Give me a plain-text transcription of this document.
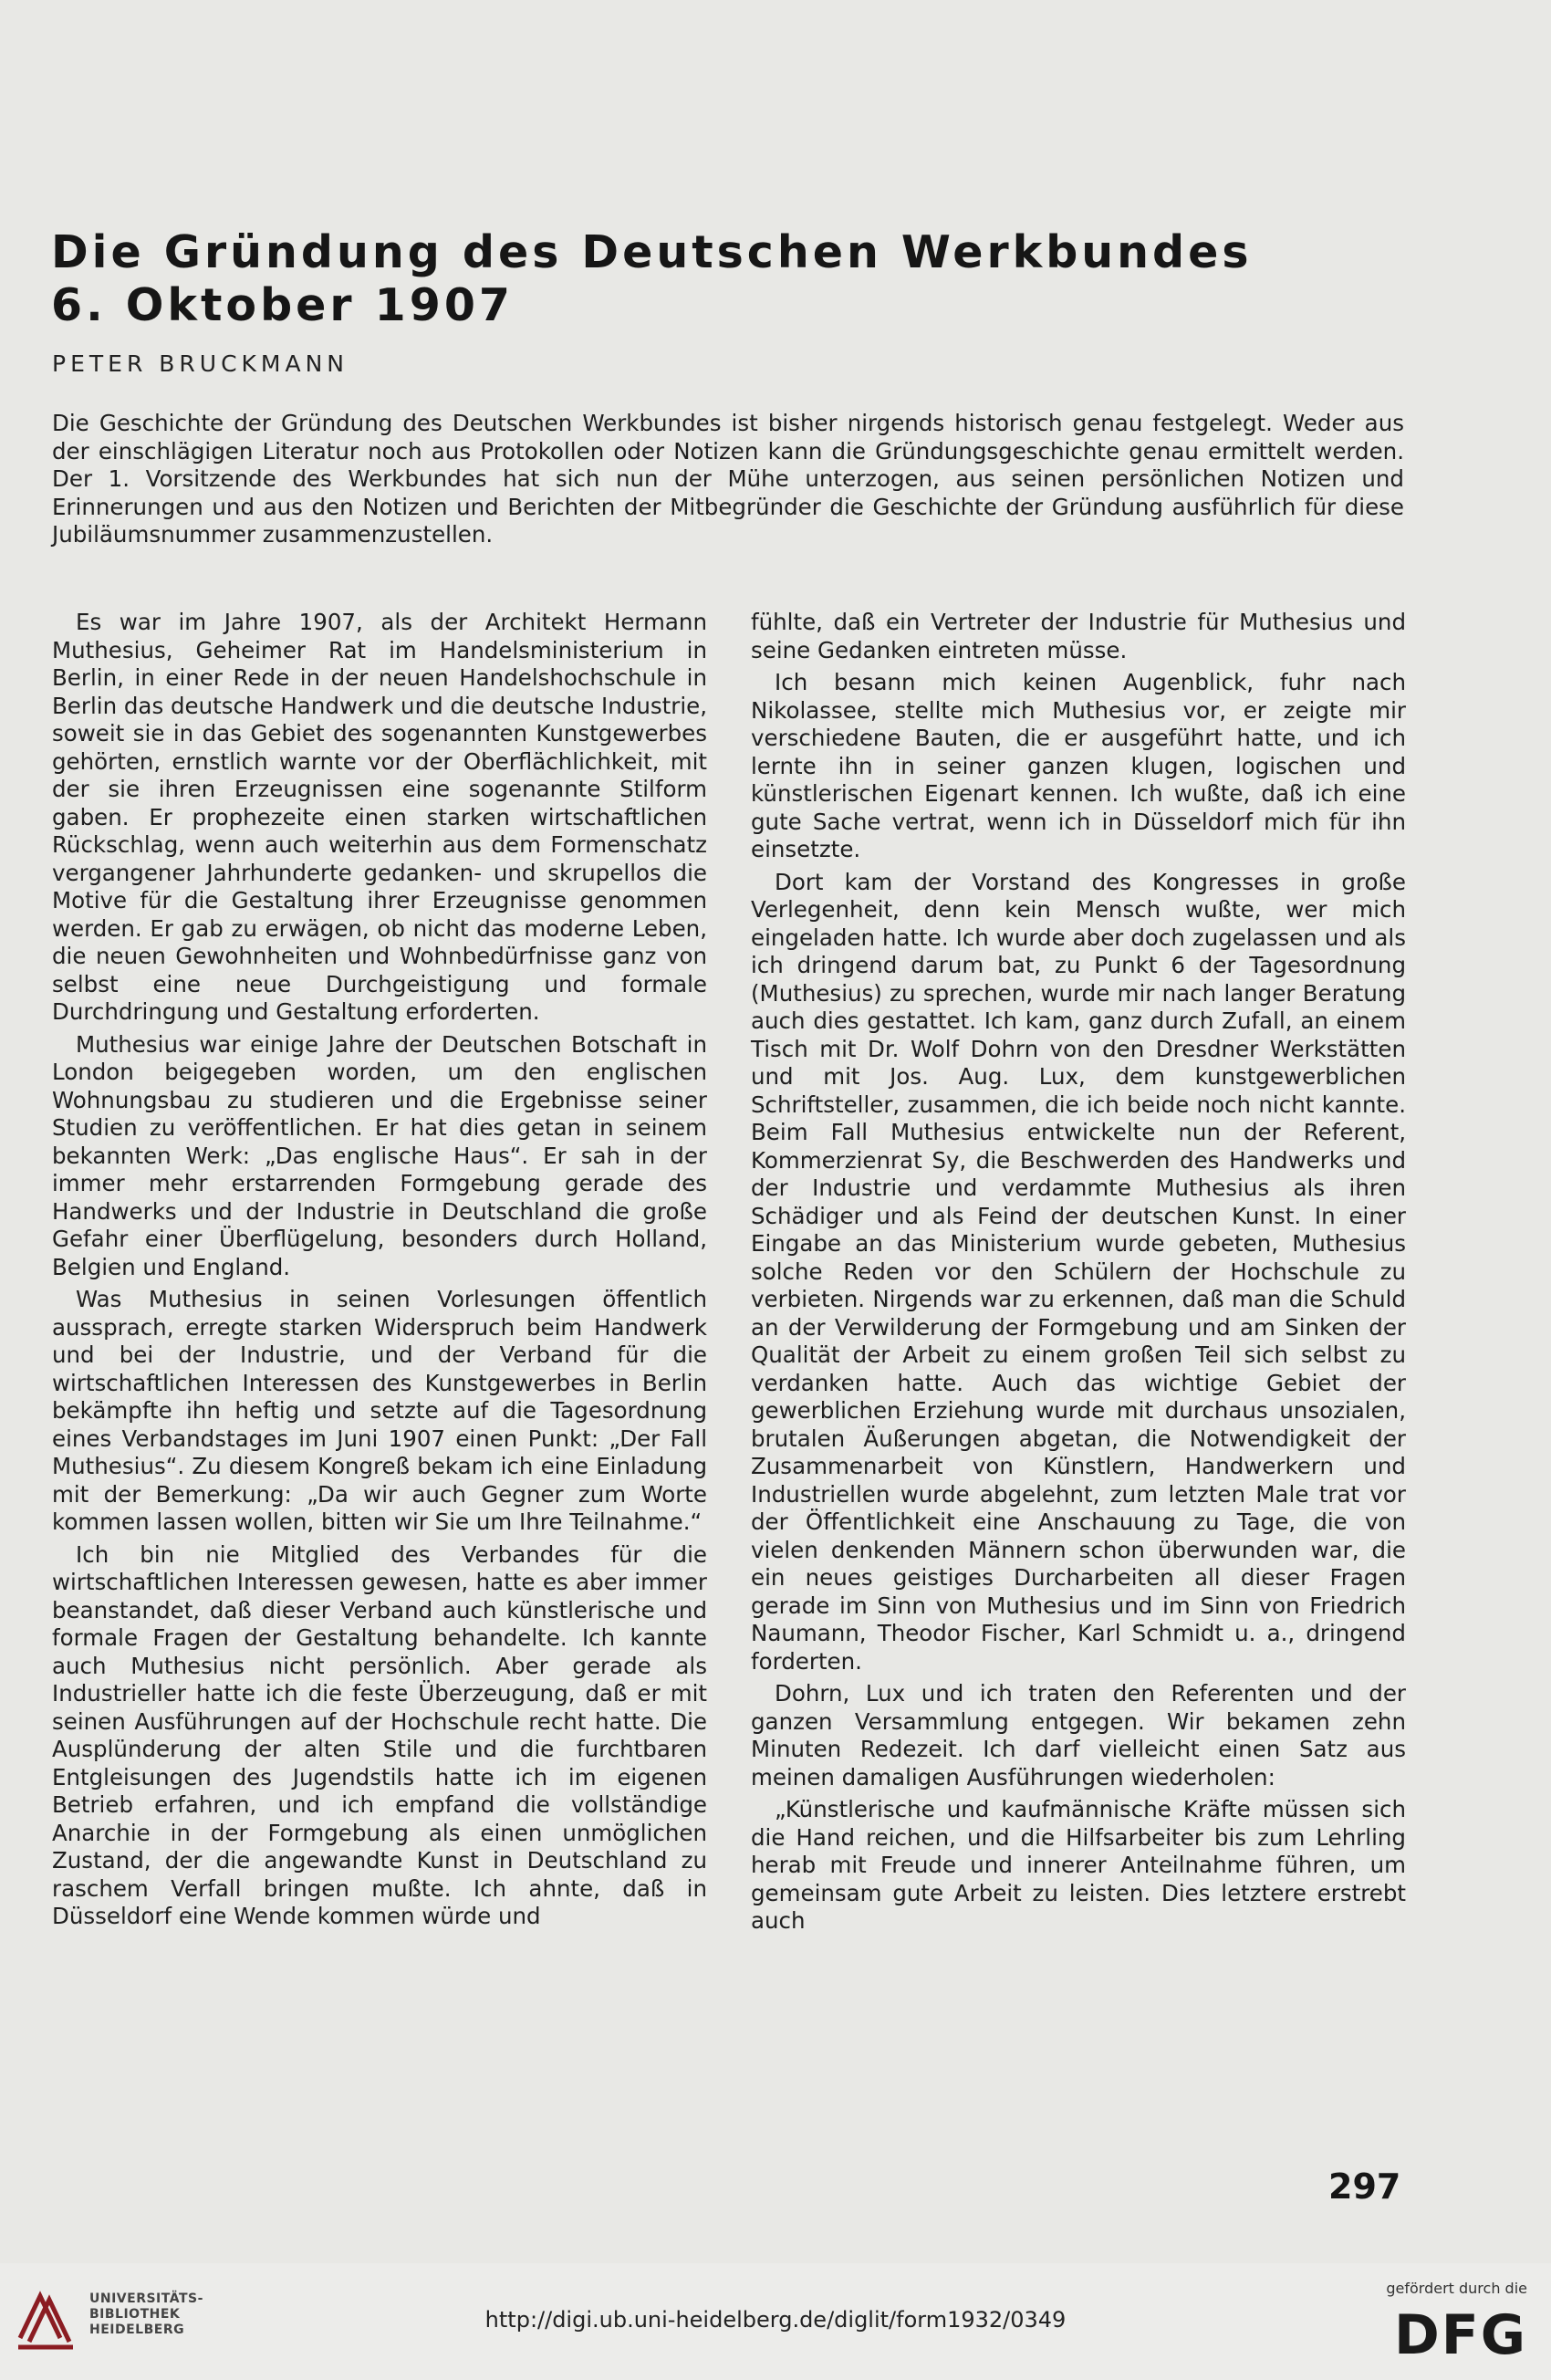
Die Gründung des Deutschen Werkbundes
6. Oktober 1907
PETER BRUCKMANN

Die Geschichte der Gründung des Deutschen Werkbundes ist bisher nirgends historisch genau festgelegt. Weder aus der einschlägigen Literatur noch aus Protokollen oder Notizen kann die Gründungsgeschichte genau ermittelt werden. Der 1. Vorsitzende des Werkbundes hat sich nun der Mühe unterzogen, aus seinen persönlichen Notizen und Erinnerungen und aus den Notizen und Berichten der Mitbegründer die Geschichte der Gründung ausführlich für diese Jubiläumsnummer zusammenzustellen.

Es war im Jahre 1907, als der Architekt Hermann Muthesius, Geheimer Rat im Handelsministerium in Berlin, in einer Rede in der neuen Handelshochschule in Berlin das deutsche Handwerk und die deutsche Industrie, soweit sie in das Gebiet des sogenannten Kunstgewerbes gehörten, ernstlich warnte vor der Oberflächlichkeit, mit der sie ihren Erzeugnissen eine sogenannte Stilform gaben. Er prophezeite einen starken wirtschaftlichen Rückschlag, wenn auch weiterhin aus dem Formenschatz vergangener Jahrhunderte gedanken- und skrupellos die Motive für die Gestaltung ihrer Erzeugnisse genommen werden. Er gab zu erwägen, ob nicht das moderne Leben, die neuen Gewohnheiten und Wohnbedürfnisse ganz von selbst eine neue Durchgeistigung und formale Durchdringung und Gestaltung erforderten.

Muthesius war einige Jahre der Deutschen Botschaft in London beigegeben worden, um den englischen Wohnungsbau zu studieren und die Ergebnisse seiner Studien zu veröffentlichen. Er hat dies getan in seinem bekannten Werk: „Das englische Haus“. Er sah in der immer mehr erstarrenden Formgebung gerade des Handwerks und der Industrie in Deutschland die große Gefahr einer Überflügelung, besonders durch Holland, Belgien und England.

Was Muthesius in seinen Vorlesungen öffentlich aussprach, erregte starken Widerspruch beim Handwerk und bei der Industrie, und der Verband für die wirtschaftlichen Interessen des Kunstgewerbes in Berlin bekämpfte ihn heftig und setzte auf die Tagesordnung eines Verbandstages im Juni 1907 einen Punkt: „Der Fall Muthesius“. Zu diesem Kongreß bekam ich eine Einladung mit der Bemerkung: „Da wir auch Gegner zum Worte kommen lassen wollen, bitten wir Sie um Ihre Teilnahme.“

Ich bin nie Mitglied des Verbandes für die wirtschaftlichen Interessen gewesen, hatte es aber immer beanstandet, daß dieser Verband auch künstlerische und formale Fragen der Gestaltung behandelte. Ich kannte auch Muthesius nicht persönlich. Aber gerade als Industrieller hatte ich die feste Überzeugung, daß er mit seinen Ausführungen auf der Hochschule recht hatte. Die Ausplünderung der alten Stile und die furchtbaren Entgleisungen des Jugendstils hatte ich im eigenen Betrieb erfahren, und ich empfand die vollständige Anarchie in der Formgebung als einen unmöglichen Zustand, der die angewandte Kunst in Deutschland zu raschem Verfall bringen mußte. Ich ahnte, daß in Düsseldorf eine Wende kommen würde und

fühlte, daß ein Vertreter der Industrie für Muthesius und seine Gedanken eintreten müsse.

Ich besann mich keinen Augenblick, fuhr nach Nikolassee, stellte mich Muthesius vor, er zeigte mir verschiedene Bauten, die er ausgeführt hatte, und ich lernte ihn in seiner ganzen klugen, logischen und künstlerischen Eigenart kennen. Ich wußte, daß ich eine gute Sache vertrat, wenn ich in Düsseldorf mich für ihn einsetzte.

Dort kam der Vorstand des Kongresses in große Verlegenheit, denn kein Mensch wußte, wer mich eingeladen hatte. Ich wurde aber doch zugelassen und als ich dringend darum bat, zu Punkt 6 der Tagesordnung (Muthesius) zu sprechen, wurde mir nach langer Beratung auch dies gestattet. Ich kam, ganz durch Zufall, an einem Tisch mit Dr. Wolf Dohrn von den Dresdner Werkstätten und mit Jos. Aug. Lux, dem kunstgewerblichen Schriftsteller, zusammen, die ich beide noch nicht kannte. Beim Fall Muthesius entwickelte nun der Referent, Kommerzienrat Sy, die Beschwerden des Handwerks und der Industrie und verdammte Muthesius als ihren Schädiger und als Feind der deutschen Kunst. In einer Eingabe an das Ministerium wurde gebeten, Muthesius solche Reden vor den Schülern der Hochschule zu verbieten. Nirgends war zu erkennen, daß man die Schuld an der Verwilderung der Formgebung und am Sinken der Qualität der Arbeit zu einem großen Teil sich selbst zu verdanken hatte. Auch das wichtige Gebiet der gewerblichen Erziehung wurde mit durchaus unsozialen, brutalen Äußerungen abgetan, die Notwendigkeit der Zusammenarbeit von Künstlern, Handwerkern und Industriellen wurde abgelehnt, zum letzten Male trat vor der Öffentlichkeit eine Anschauung zu Tage, die von vielen denkenden Männern schon überwunden war, die ein neues geistiges Durcharbeiten all dieser Fragen gerade im Sinn von Muthesius und im Sinn von Friedrich Naumann, Theodor Fischer, Karl Schmidt u. a., dringend forderten.

Dohrn, Lux und ich traten den Referenten und der ganzen Versammlung entgegen. Wir bekamen zehn Minuten Redezeit. Ich darf vielleicht einen Satz aus meinen damaligen Ausführungen wiederholen:

„Künstlerische und kaufmännische Kräfte müssen sich die Hand reichen, und die Hilfsarbeiter bis zum Lehrling herab mit Freude und innerer Anteilnahme führen, um gemeinsam gute Arbeit zu leisten. Dies letztere erstrebt auch

297
UNIVERSITÄTS-
BIBLIOTHEK
HEIDELBERG	http://digi.ub.uni-heidelberg.de/diglit/form1932/0349
gefördert durch die
DFG
